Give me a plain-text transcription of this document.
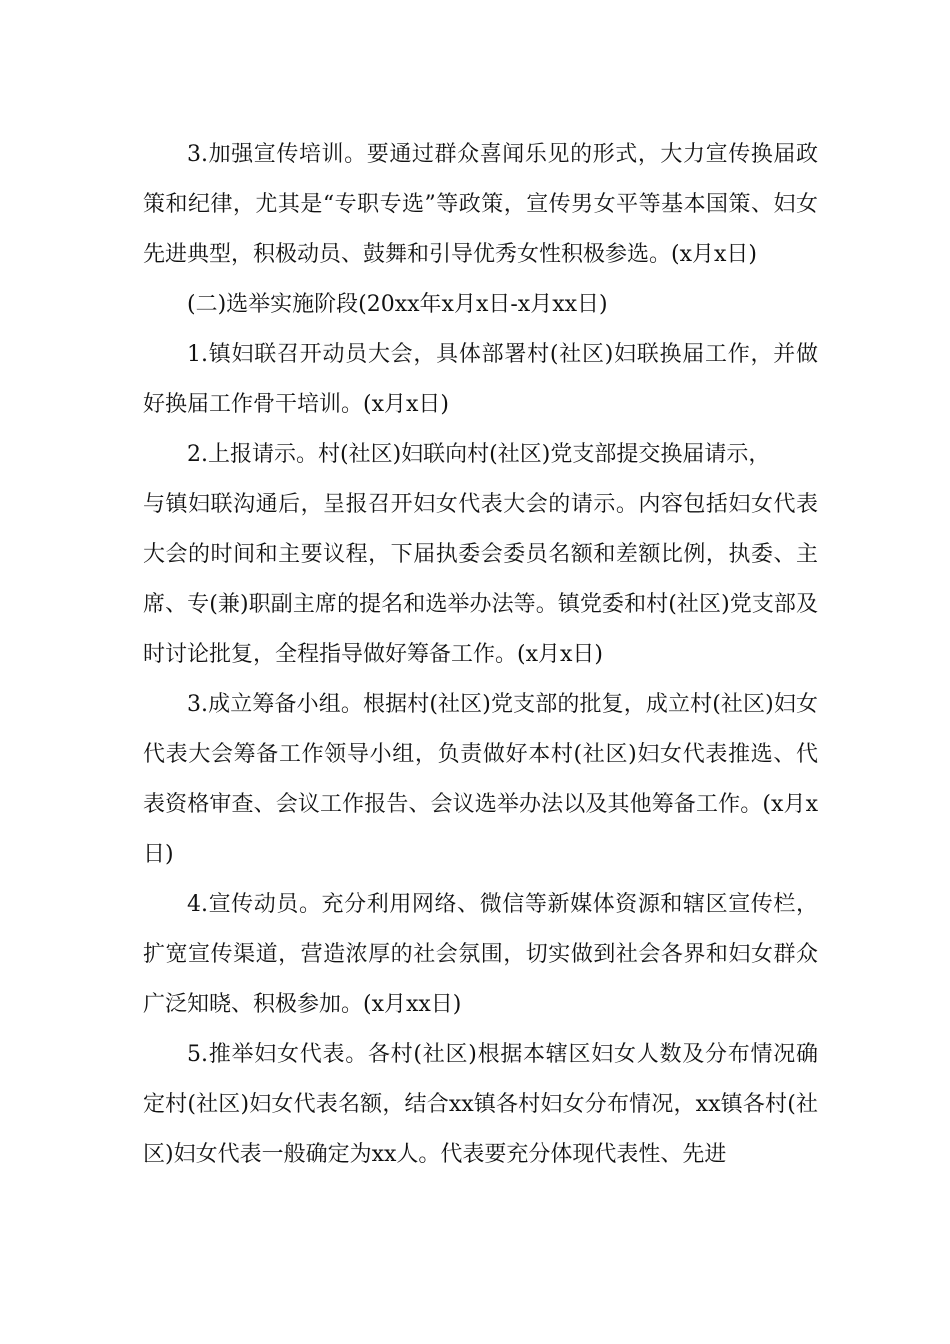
3.加强宣传培训。要通过群众喜闻乐见的形式，大力宣传换届政策和纪律，尤其是“专职专选”等政策，宣传男女平等基本国策、妇女先进典型，积极动员、鼓舞和引导优秀女性积极参选。(x月x日)

(二)选举实施阶段(20xx年x月x日-x月xx日)

1.镇妇联召开动员大会，具体部署村(社区)妇联换届工作，并做好换届工作骨干培训。(x月x日)

2.上报请示。村(社区)妇联向村(社区)党支部提交换届请示，

与镇妇联沟通后，呈报召开妇女代表大会的请示。内容包括妇女代表大会的时间和主要议程，下届执委会委员名额和差额比例，执委、主席、专(兼)职副主席的提名和选举办法等。镇党委和村(社区)党支部及时讨论批复，全程指导做好筹备工作。(x月x日)

3.成立筹备小组。根据村(社区)党支部的批复，成立村(社区)妇女代表大会筹备工作领导小组，负责做好本村(社区)妇女代表推选、代表资格审查、会议工作报告、会议选举办法以及其他筹备工作。(x月x日)

4.宣传动员。充分利用网络、微信等新媒体资源和辖区宣传栏，扩宽宣传渠道，营造浓厚的社会氛围，切实做到社会各界和妇女群众广泛知晓、积极参加。(x月xx日)

5.推举妇女代表。各村(社区)根据本辖区妇女人数及分布情况确定村(社区)妇女代表名额，结合xx镇各村妇女分布情况，xx镇各村(社区)妇女代表一般确定为xx人。代表要充分体现代表性、先进
